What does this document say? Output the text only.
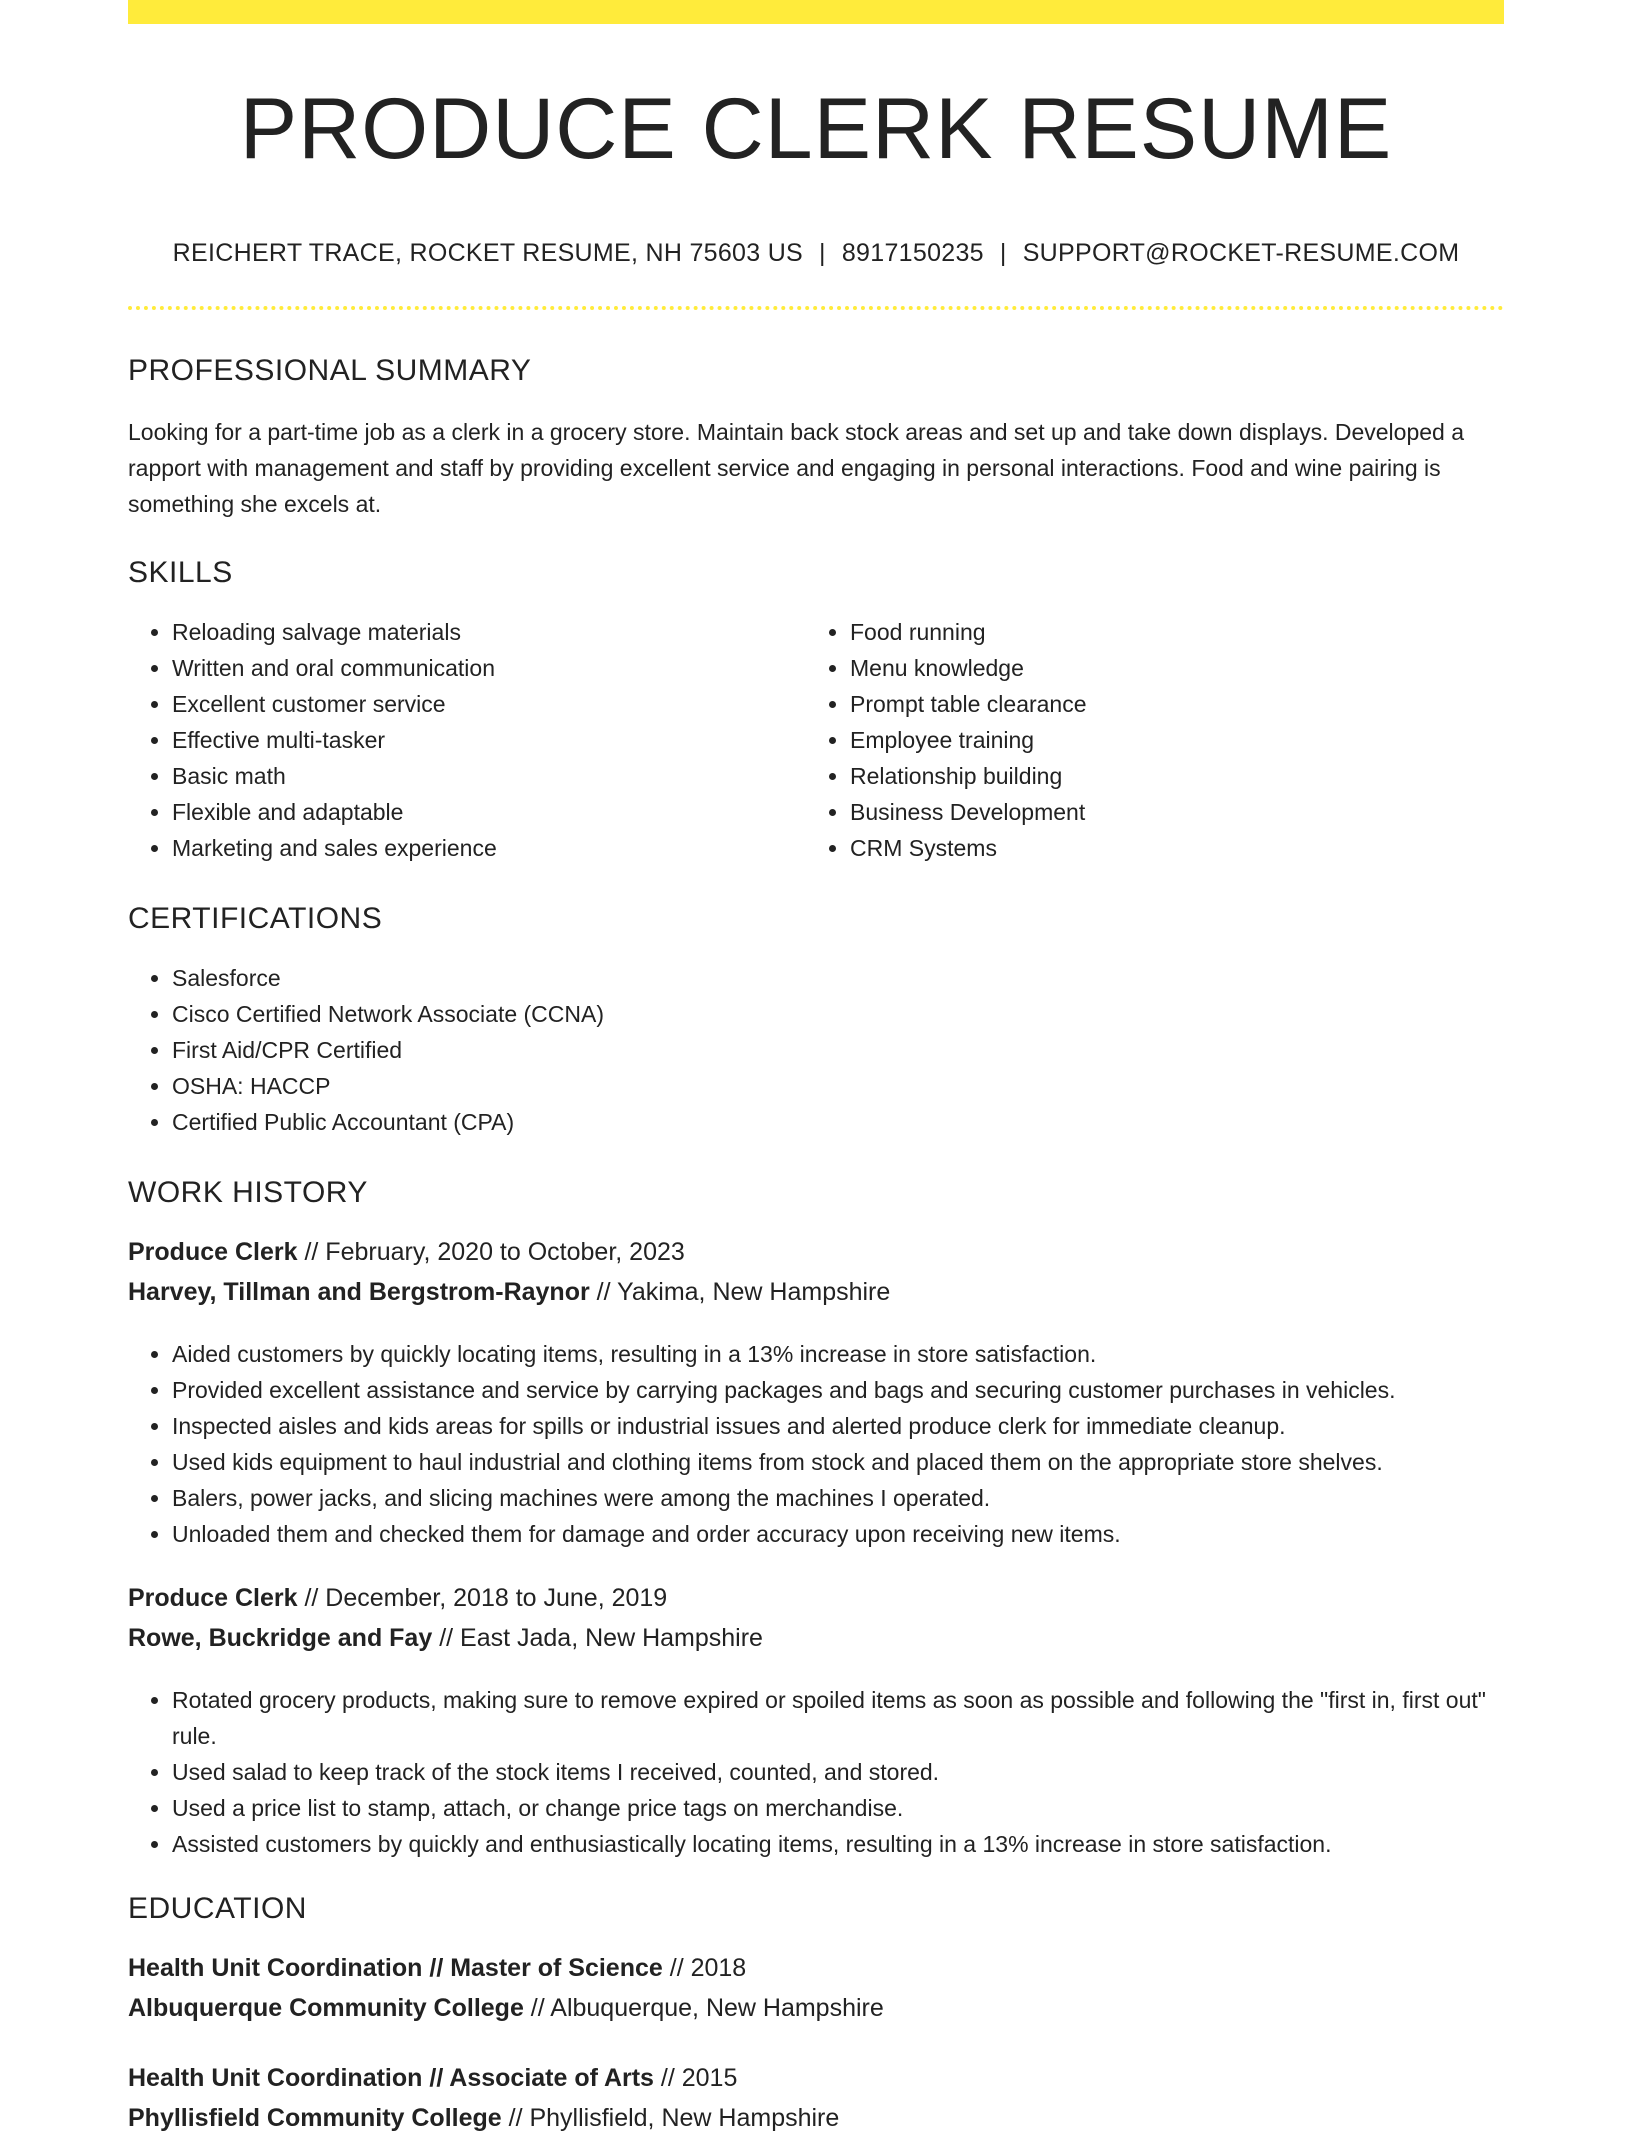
PRODUCE CLERK RESUME
REICHERT TRACE, ROCKET RESUME, NH 75603 US | 8917150235 | SUPPORT@ROCKET-RESUME.COM
PROFESSIONAL SUMMARY

Looking for a part-time job as a clerk in a grocery store. Maintain back stock areas and set up and take down displays. Developed a rapport with management and staff by providing excellent service and engaging in personal interactions. Food and wine pairing is something she excels at.

SKILLS
• Reloading salvage materials
• Written and oral communication
• Excellent customer service
• Effective multi-tasker
• Basic math
• Flexible and adaptable
• Marketing and sales experience
• Food running
• Menu knowledge
• Prompt table clearance
• Employee training
• Relationship building
• Business Development
• CRM Systems
CERTIFICATIONS
• Salesforce
• Cisco Certified Network Associate (CCNA)
• First Aid/CPR Certified
• OSHA: HACCP
• Certified Public Accountant (CPA)
WORK HISTORY
Produce Clerk // February, 2020 to October, 2023
Harvey, Tillman and Bergstrom-Raynor // Yakima, New Hampshire
• Aided customers by quickly locating items, resulting in a 13% increase in store satisfaction.
• Provided excellent assistance and service by carrying packages and bags and securing customer purchases in vehicles.
• Inspected aisles and kids areas for spills or industrial issues and alerted produce clerk for immediate cleanup.
• Used kids equipment to haul industrial and clothing items from stock and placed them on the appropriate store shelves.
• Balers, power jacks, and slicing machines were among the machines I operated.
• Unloaded them and checked them for damage and order accuracy upon receiving new items.
Produce Clerk // December, 2018 to June, 2019
Rowe, Buckridge and Fay // East Jada, New Hampshire
• Rotated grocery products, making sure to remove expired or spoiled items as soon as possible and following the "first in, first out" rule.
• Used salad to keep track of the stock items I received, counted, and stored.
• Used a price list to stamp, attach, or change price tags on merchandise.
• Assisted customers by quickly and enthusiastically locating items, resulting in a 13% increase in store satisfaction.
EDUCATION
Health Unit Coordination // Master of Science // 2018
Albuquerque Community College // Albuquerque, New Hampshire
Health Unit Coordination // Associate of Arts // 2015
Phyllisfield Community College // Phyllisfield, New Hampshire
